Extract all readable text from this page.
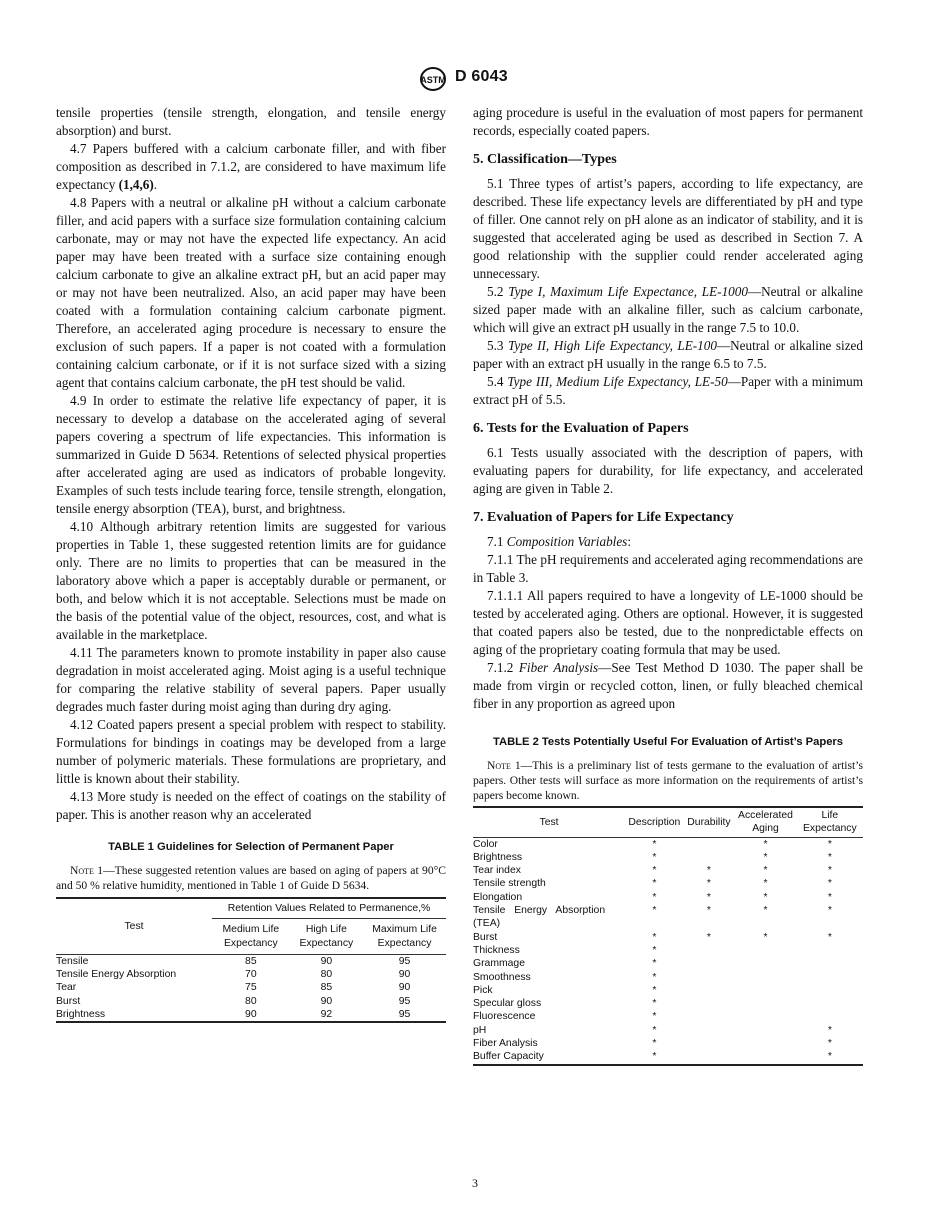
ASTM D 6043

tensile properties (tensile strength, elongation, and tensile energy absorption) and burst.

4.7 Papers buffered with a calcium carbonate filler, and with fiber composition as described in 7.1.2, are considered to have maximum life expectancy (1,4,6).

4.8 Papers with a neutral or alkaline pH without a calcium carbonate filler, and acid papers with a surface size formulation containing calcium carbonate, may or may not have the expected life expectancy. An acid paper may have been treated with a surface size containing enough calcium carbonate to give an alkaline extract pH, but an acid paper may or may not have been neutralized. Also, an acid paper may have been coated with a formulation containing calcium carbonate pigment. Therefore, an accelerated aging procedure is necessary to ensure the exclusion of such papers. If a paper is not coated with a formulation containing calcium carbonate, or if it is not surface sized with a sizing agent that contains calcium carbonate, the pH test should be valid.

4.9 In order to estimate the relative life expectancy of paper, it is necessary to develop a database on the accelerated aging of several papers covering a spectrum of life expectancies. This information is summarized in Guide D 5634. Retentions of selected physical properties after accelerated aging are used as indicators of probable longevity. Examples of such tests include tearing force, tensile strength, elongation, tensile energy absorption (TEA), burst, and brightness.

4.10 Although arbitrary retention limits are suggested for various properties in Table 1, these suggested retention limits are for guidance only. There are no limits to properties that can be measured in the laboratory above which a paper is acceptably durable or permanent, or both, and below which it is not acceptable. Selections must be made on the basis of the potential value of the object, resources, cost, and what is available in the marketplace.

4.11 The parameters known to promote instability in paper also cause degradation in moist accelerated aging. Moist aging is a useful technique for comparing the relative stability of several papers. Paper usually degrades much faster during moist aging than during dry aging.

4.12 Coated papers present a special problem with respect to stability. Formulations for bindings in coatings may be developed from a large number of polymeric materials. These formulations are proprietary, and little is known about their stability.

4.13 More study is needed on the effect of coatings on the stability of paper. This is another reason why an accelerated

TABLE 1 Guidelines for Selection of Permanent Paper

Note 1—These suggested retention values are based on aging of papers at 90°C and 50 % relative humidity, mentioned in Table 1 of Guide D 5634.

Test	Retention Values Related to Permanence,%		
	Medium Life Expectancy	High Life Expectancy	Maximum Life Expectancy
Tensile	85	90	95
Tensile Energy Absorption	70	80	90
Tear	75	85	90
Burst	80	90	95
Brightness	90	92	95

aging procedure is useful in the evaluation of most papers for permanent records, especially coated papers.

5. Classification—Types

5.1 Three types of artist’s papers, according to life expectancy, are described. These life expectancy levels are differentiated by pH and type of filler. One cannot rely on pH alone as an indicator of stability, and it is suggested that accelerated aging be used as described in Section 7. A good relationship with the supplier could render accelerated aging unnecessary.

5.2 Type I, Maximum Life Expectance, LE-1000—Neutral or alkaline sized paper made with an alkaline filler, such as calcium carbonate, which will give an extract pH usually in the range 7.5 to 10.0.

5.3 Type II, High Life Expectancy, LE-100—Neutral or alkaline sized paper with an extract pH usually in the range 6.5 to 7.5.

5.4 Type III, Medium Life Expectancy, LE-50—Paper with a minimum extract pH of 5.5.

6. Tests for the Evaluation of Papers

6.1 Tests usually associated with the description of papers, with evaluating papers for durability, for life expectancy, and accelerated aging are given in Table 2.

7. Evaluation of Papers for Life Expectancy

7.1 Composition Variables:

7.1.1 The pH requirements and accelerated aging recommendations are in Table 3.

7.1.1.1 All papers required to have a longevity of LE-1000 should be tested by accelerated aging. Others are optional. However, it is suggested that coated papers also be tested, due to the nonpredictable effects on aging of the proprietary coating formula that may be used.

7.1.2 Fiber Analysis—See Test Method D 1030. The paper shall be made from virgin or recycled cotton, linen, or fully bleached chemical fiber in any proportion as agreed upon

TABLE 2 Tests Potentially Useful For Evaluation of Artist’s Papers

Note 1—This is a preliminary list of tests germane to the evaluation of artist’s papers. Other tests will surface as more information on the requirements of artist’s papers become known.

Test	Description	Durability	Accelerated Aging	Life Expectancy
Color	*		*	*
Brightness	*		*	*
Tear index	*	*	*	*
Tensile strength	*	*	*	*
Elongation	*	*	*	*
Tensile Energy Absorption (TEA)	*	*	*	*
Burst	*	*	*	*
Thickness	*			
Grammage	*			
Smoothness	*			
Pick	*			
Specular gloss	*			
Fluorescence	*			
pH	*			*
Fiber Analysis	*			*
Buffer Capacity	*			*
3
